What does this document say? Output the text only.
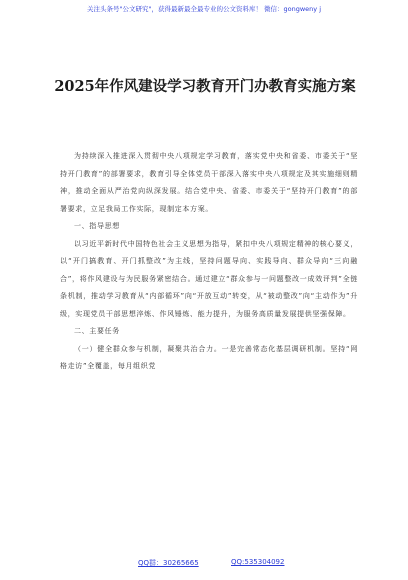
关注头条号"公文研究"，获得最新最全最专业的公文资料库！ 微信：gongweny j
2025年作风建设学习教育开门办教育实施方案

为持续深入推进深入贯彻中央八项规定学习教育，落实党中央和省委、市委关于“坚持开门教育”的部署要求，教育引导全体党员干部深入落实中央八项规定及其实施细则精神，推动全面从严治党向纵深发展。结合党中央、省委、市委关于“坚持开门教育”的部署要求，立足我局工作实际，现制定本方案。

一、指导思想

以习近平新时代中国特色社会主义思想为指导，紧扣中央八项规定精神的核心要义，以“开门搞教育、开门抓整改”为主线，坚持问题导向、实践导向、群众导向“三向融合”，将作风建设与为民服务紧密结合。通过建立“群众参与一问题整改一成效评判”全链条机制，推动学习教育从“内部循环”向“开放互动”转变，从“被动整改”向“主动作为”升级，实现党员干部思想淬炼、作风锤炼、能力提升，为服务高质量发展提供坚强保障。

二、主要任务

（一）健全群众参与机制，凝聚共治合力。一是完善常态化基层调研机制。坚持“网格走访”全覆盖，每月组织党

QQ群：30265665	QQ:535304092
